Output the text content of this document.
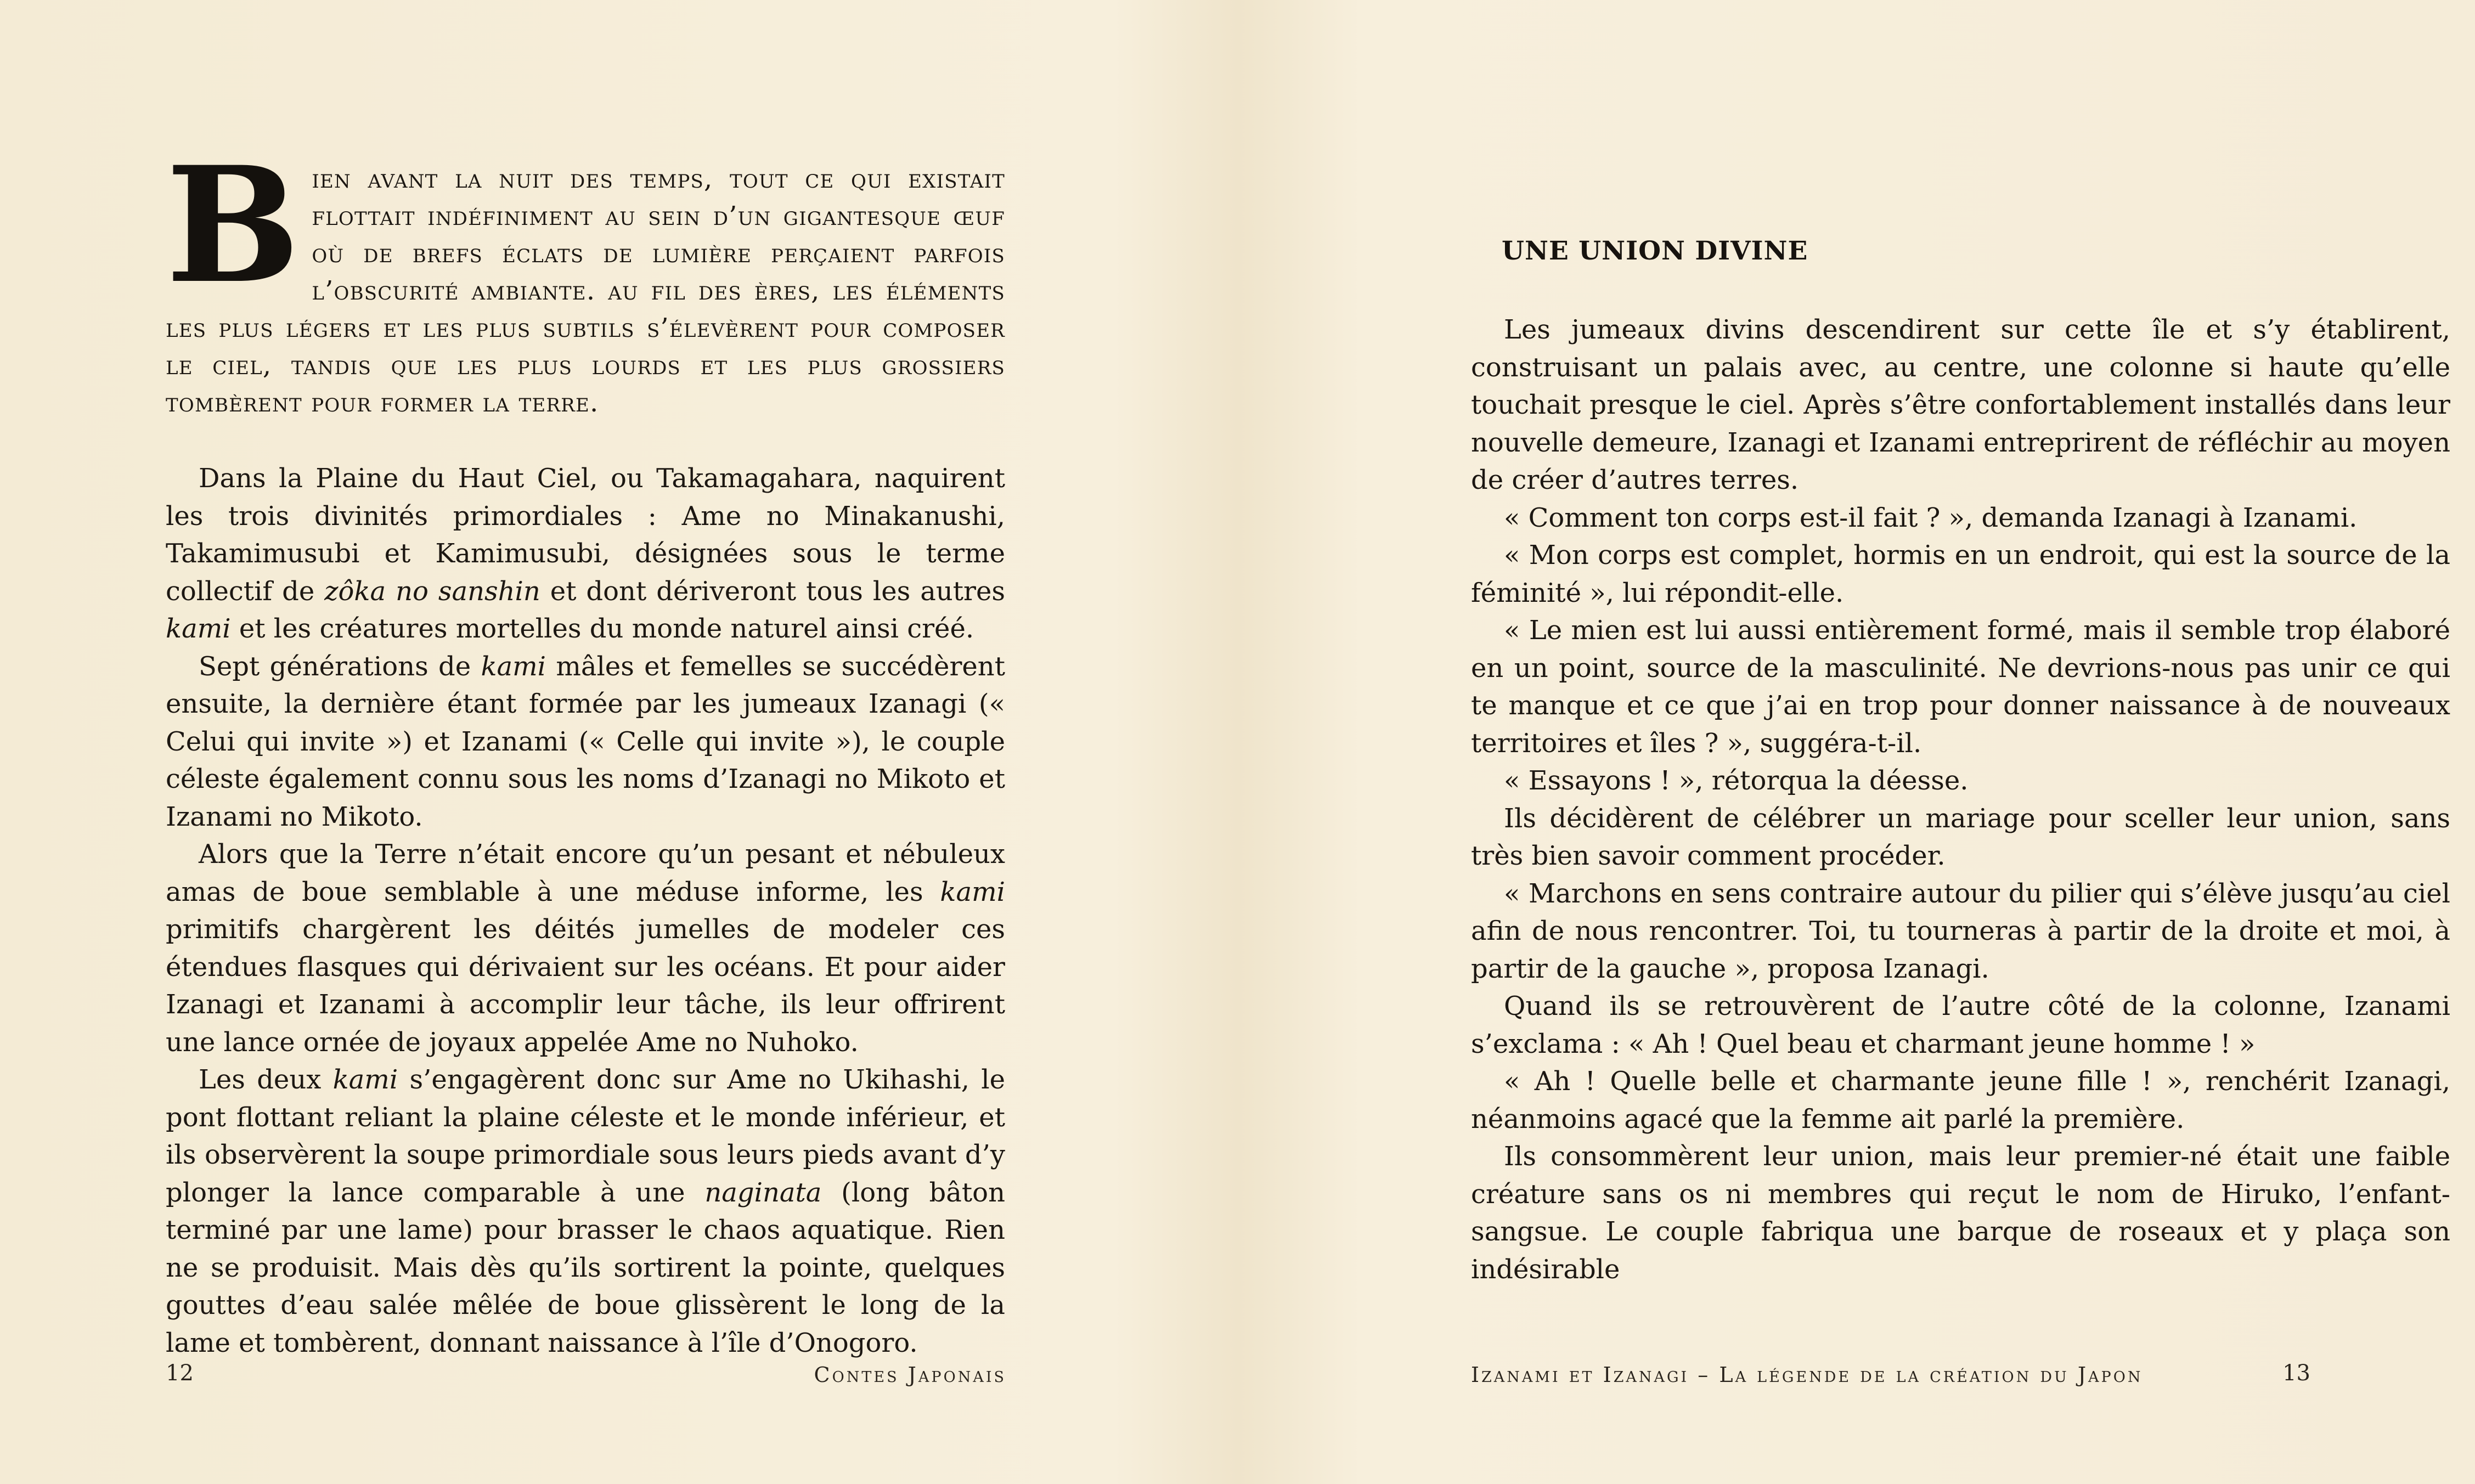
Bien avant la nuit des temps, tout ce qui existait flottait indéfiniment au sein d’un gigantesque œuf où de brefs éclats de lumière perçaient parfois l’obscurité ambiante. au fil des ères, les éléments les plus légers et les plus subtils s’élevèrent pour composer le ciel, tandis que les plus lourds et les plus grossiers tombèrent pour former la terre.

Dans la Plaine du Haut Ciel, ou Takamagahara, naquirent les trois divinités primordiales : Ame no Minakanushi, Takamimusubi et Kamimusubi, désignées sous le terme collectif de zôka no sanshin et dont dériveront tous les autres kami et les créatures mortelles du monde naturel ainsi créé.

Sept générations de kami mâles et femelles se succédèrent ensuite, la dernière étant formée par les jumeaux Izanagi (« Celui qui invite ») et Izanami (« Celle qui invite »), le couple céleste également connu sous les noms d’Izanagi no Mikoto et Izanami no Mikoto.

Alors que la Terre n’était encore qu’un pesant et nébuleux amas de boue semblable à une méduse informe, les kami primitifs chargèrent les déités jumelles de modeler ces étendues flasques qui dérivaient sur les océans. Et pour aider Izanagi et Izanami à accomplir leur tâche, ils leur offrirent une lance ornée de joyaux appelée Ame no Nuhoko.

Les deux kami s’engagèrent donc sur Ame no Ukihashi, le pont flottant reliant la plaine céleste et le monde inférieur, et ils observèrent la soupe primordiale sous leurs pieds avant d’y plonger la lance comparable à une naginata (long bâton terminé par une lame) pour brasser le chaos aquatique. Rien ne se produisit. Mais dès qu’ils sortirent la pointe, quelques gouttes d’eau salée mêlée de boue glissèrent le long de la lame et tombèrent, donnant naissance à l’île d’Onogoro.

12	Contes Japonais
UNE UNION DIVINE

Les jumeaux divins descendirent sur cette île et s’y établirent, construisant un palais avec, au centre, une colonne si haute qu’elle touchait presque le ciel. Après s’être confortablement installés dans leur nouvelle demeure, Izanagi et Izanami entreprirent de réfléchir au moyen de créer d’autres terres.

« Comment ton corps est-il fait ? », demanda Izanagi à Izanami.

« Mon corps est complet, hormis en un endroit, qui est la source de la féminité », lui répondit-elle.

« Le mien est lui aussi entièrement formé, mais il semble trop élaboré en un point, source de la masculinité. Ne devrions-nous pas unir ce qui te manque et ce que j’ai en trop pour donner naissance à de nouveaux territoires et îles ? », suggéra-t-il.

« Essayons ! », rétorqua la déesse.

Ils décidèrent de célébrer un mariage pour sceller leur union, sans très bien savoir comment procéder.

« Marchons en sens contraire autour du pilier qui s’élève jusqu’au ciel afin de nous rencontrer. Toi, tu tourneras à partir de la droite et moi, à partir de la gauche », proposa Izanagi.

Quand ils se retrouvèrent de l’autre côté de la colonne, Izanami s’exclama : « Ah ! Quel beau et charmant jeune homme ! »

« Ah ! Quelle belle et charmante jeune fille ! », renchérit Izanagi, néanmoins agacé que la femme ait parlé la première.

Ils consommèrent leur union, mais leur premier-né était une faible créature sans os ni membres qui reçut le nom de Hiruko, l’enfant-sangsue. Le couple fabriqua une barque de roseaux et y plaça son indésirable

Izanami et Izanagi – La légende de la création du Japon	13
